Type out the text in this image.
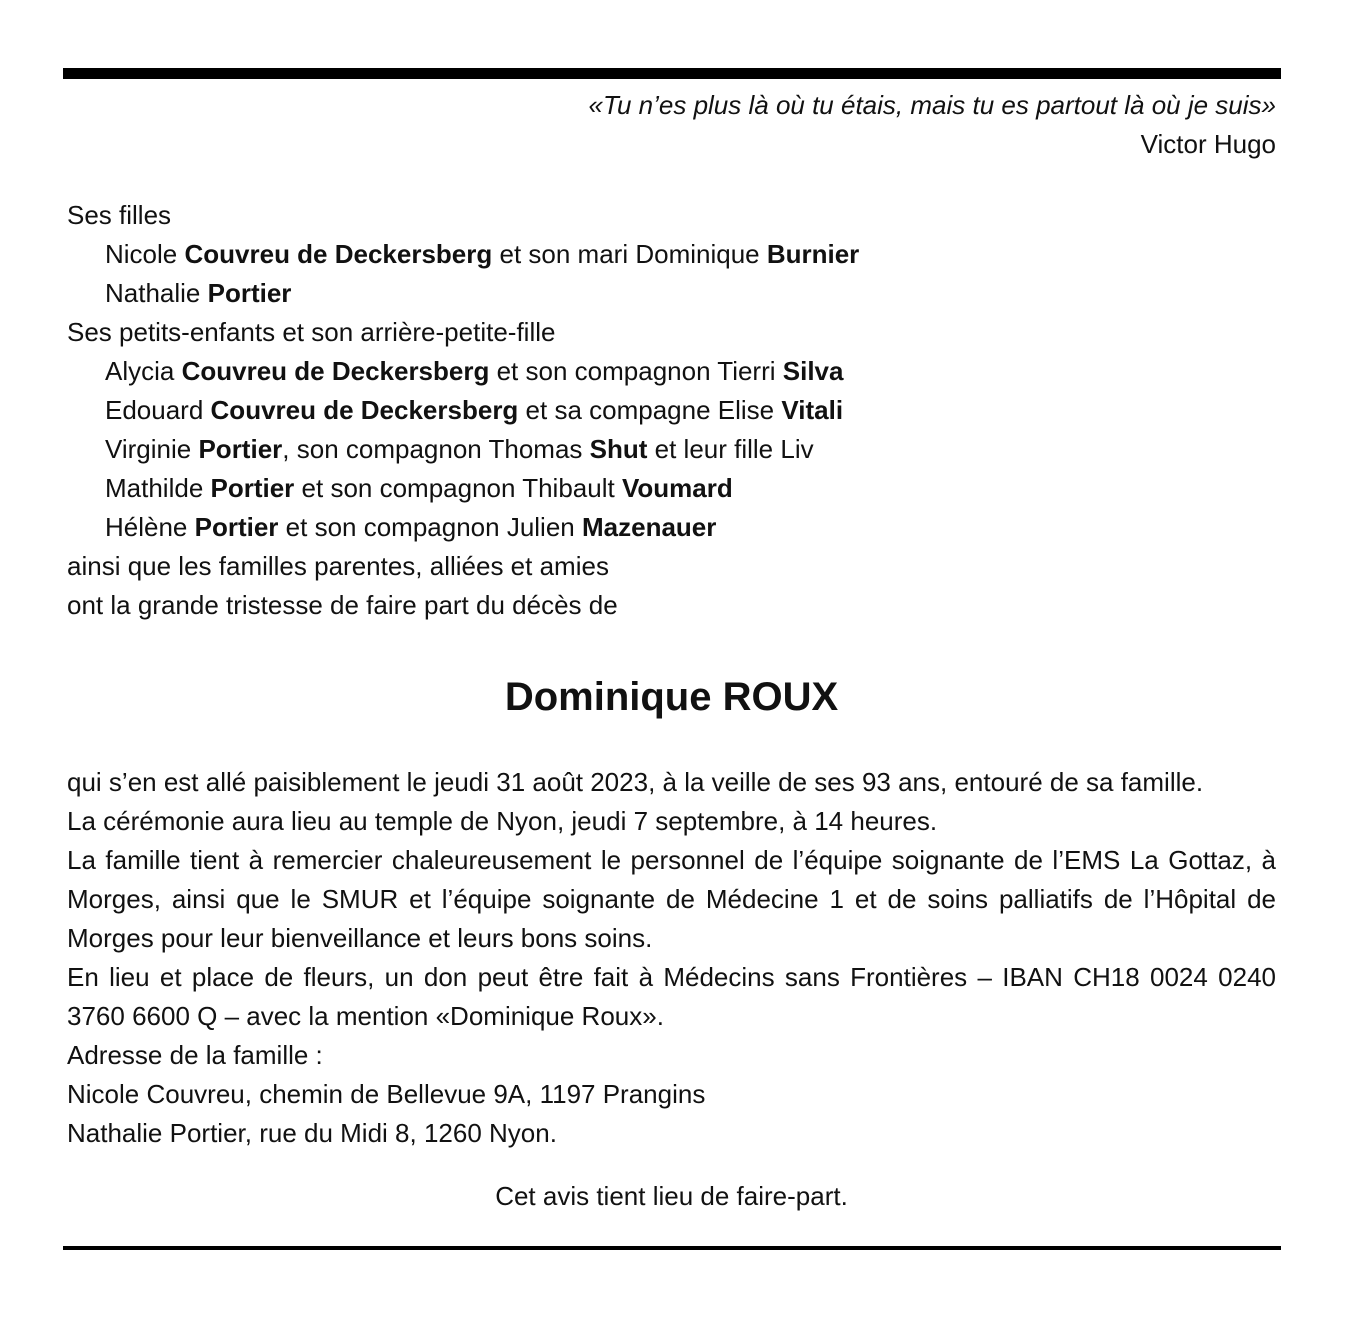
«Tu n’es plus là où tu étais, mais tu es partout là où je suis»
Victor Hugo
Ses filles
Nicole Couvreu de Deckersberg et son mari Dominique Burnier
Nathalie Portier
Ses petits-enfants et son arrière-petite-fille
Alycia Couvreu de Deckersberg et son compagnon Tierri Silva
Edouard Couvreu de Deckersberg et sa compagne Elise Vitali
Virginie Portier, son compagnon Thomas Shut et leur fille Liv
Mathilde Portier et son compagnon Thibault Voumard
Hélène Portier et son compagnon Julien Mazenauer
ainsi que les familles parentes, alliées et amies
ont la grande tristesse de faire part du décès de
Dominique ROUX
qui s’en est allé paisiblement le jeudi 31 août 2023, à la veille de ses 93 ans, entouré de sa famille.
La cérémonie aura lieu au temple de Nyon, jeudi 7 septembre, à 14 heures.
La famille tient à remercier chaleureusement le personnel de l’équipe soignante de l’EMS La Gottaz, à Morges, ainsi que le SMUR et l’équipe soignante de Médecine 1 et de soins palliatifs de l’Hôpital de Morges pour leur bienveillance et leurs bons soins.
En lieu et place de fleurs, un don peut être fait à Médecins sans Frontières – IBAN CH18 0024 0240 3760 6600 Q – avec la mention «Dominique Roux».
Adresse de la famille :
Nicole Couvreu, chemin de Bellevue 9A, 1197 Prangins
Nathalie Portier, rue du Midi 8, 1260 Nyon.
Cet avis tient lieu de faire-part.
